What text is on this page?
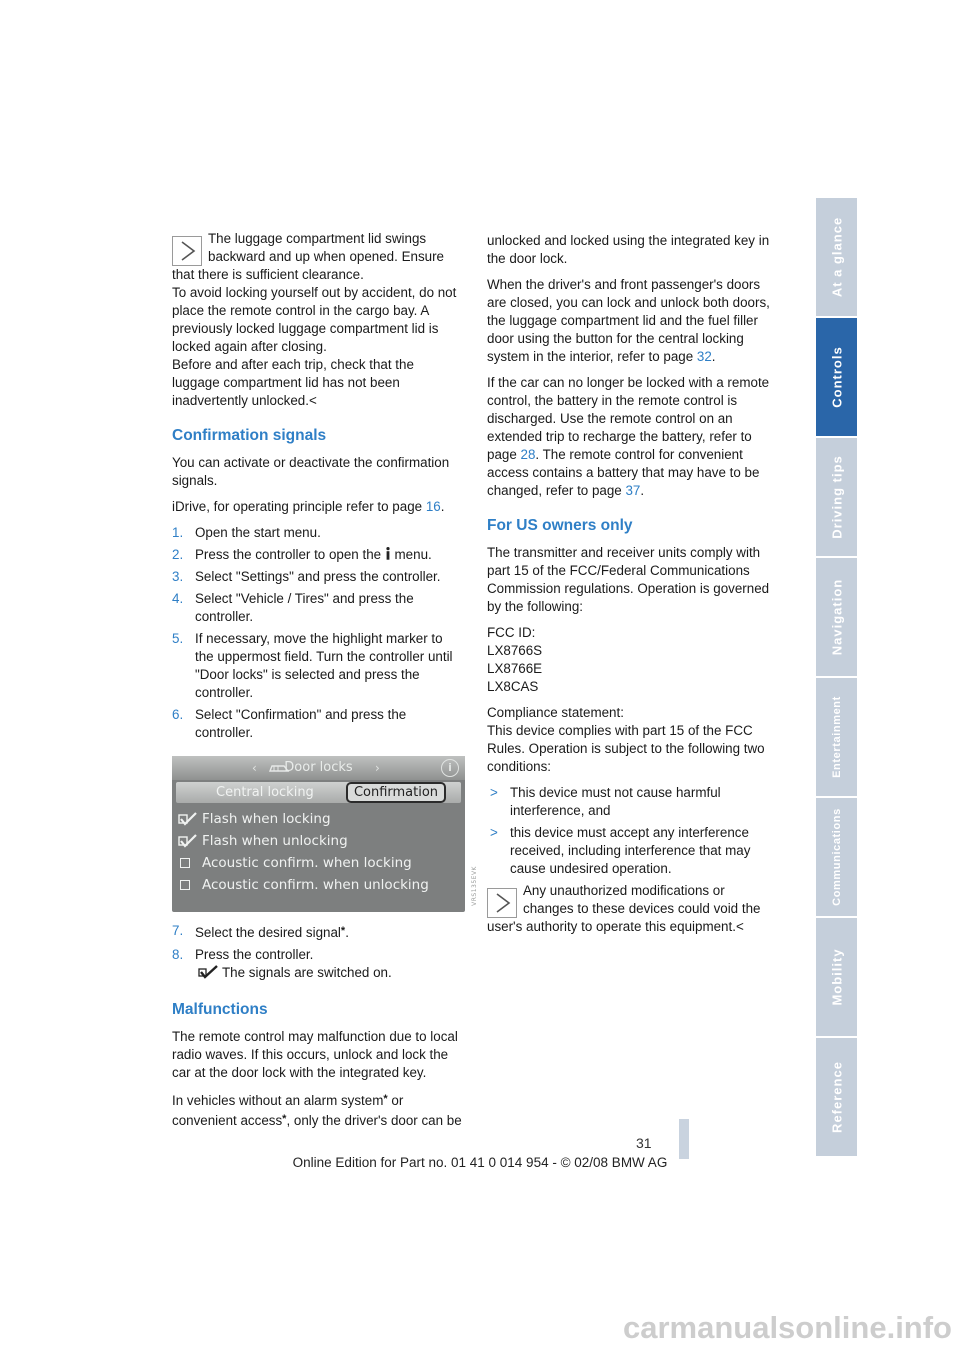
The luggage compartment lid swings
backward and up when opened. Ensure
that there is sufficient clearance.
To avoid locking yourself out by accident, do not place the remote control in the cargo bay. A previously locked luggage compartment lid is locked again after closing.
Before and after each trip, check that the luggage compartment lid has not been inadvertently unlocked.<
Confirmation signals

You can activate or deactivate the confirmation signals.

iDrive, for operating principle refer to page 16.

1. Open the start menu.
2. Press the controller to open the  menu.
3. Select "Settings" and press the controller.
4. Select "Vehicle / Tires" and press the controller.
5. If necessary, move the highlight marker to the uppermost field. Turn the controller until "Door locks" is selected and press the controller.
6. Select "Confirmation" and press the controller.
‹	Door locks	›	i
Central locking	Confirmation
Flash when locking
Flash when unlocking
Acoustic confirm. when locking
Acoustic confirm. when unlocking	VRS135EVK
7. Select the desired signal*.
8. Press the controller.
The signals are switched on.
Malfunctions

The remote control may malfunction due to local radio waves. If this occurs, unlock and lock the car at the door lock with the integrated key.

In vehicles without an alarm system* or convenient access*, only the driver's door can be

unlocked and locked using the integrated key in the door lock.

When the driver's and front passenger's doors are closed, you can lock and unlock both doors, the luggage compartment lid and the fuel filler door using the button for the central locking system in the interior, refer to page 32.

If the car can no longer be locked with a remote control, the battery in the remote control is discharged. Use the remote control on an extended trip to recharge the battery, refer to page 28. The remote control for convenient access contains a battery that may have to be changed, refer to page 37.

For US owners only

The transmitter and receiver units comply with part 15 of the FCC/Federal Communications Commission regulations. Operation is governed by the following:

FCC ID:
LX8766S
LX8766E
LX8CAS
Compliance statement:
This device complies with part 15 of the FCC Rules. Operation is subject to the following two conditions:
> This device must not cause harmful interference, and
> this device must accept any interference received, including interference that may cause undesired operation.
Any unauthorized modifications or
changes to these devices could void the
user's authority to operate this equipment.<
At a glance
Controls
Driving tips
Navigation
Entertainment
Communications
Mobility
Reference
31
Online Edition for Part no. 01 41 0 014 954 - © 02/08 BMW AG
carmanualsonline.info
